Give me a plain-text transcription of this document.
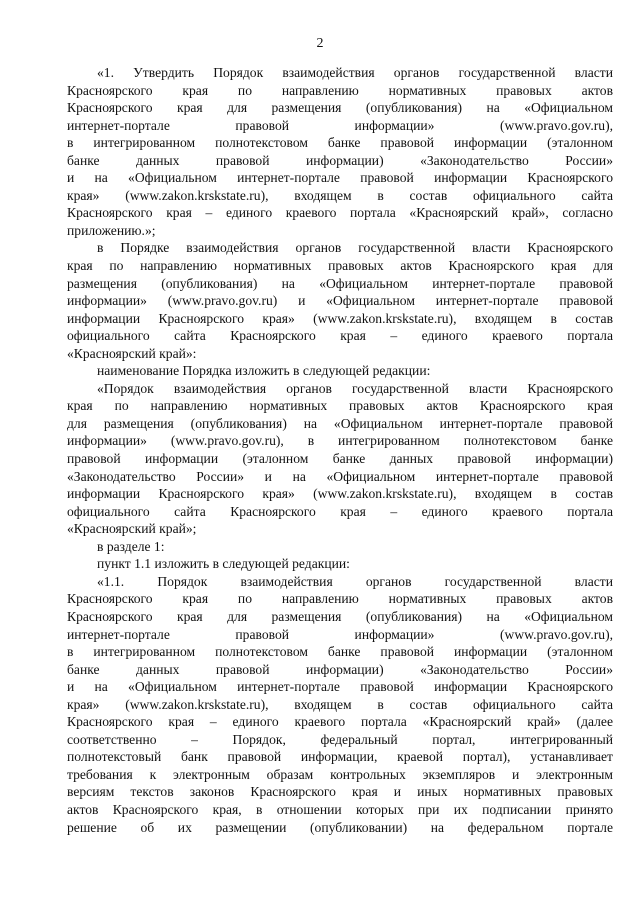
2
«1. Утвердить Порядок взаимодействия органов государственной власти
Красноярского края по направлению нормативных правовых актов
Красноярского края для размещения (опубликования) на «Официальном
интернет-портале правовой информации» (www.pravo.gov.ru),
в интегрированном полнотекстовом банке правовой информации (эталонном
банке данных правовой информации) «Законодательство России»
и на «Официальном интернет-портале правовой информации Красноярского
края» (www.zakon.krskstate.ru), входящем в состав официального сайта
Красноярского края – единого краевого портала «Красноярский край», согласно
приложению.»;
в Порядке взаимодействия органов государственной власти Красноярского
края по направлению нормативных правовых актов Красноярского края для
размещения (опубликования) на «Официальном интернет-портале правовой
информации» (www.pravo.gov.ru) и «Официальном интернет-портале правовой
информации Красноярского края» (www.zakon.krskstate.ru), входящем в состав
официального сайта Красноярского края – единого краевого портала
«Красноярский край»:
наименование Порядка изложить в следующей редакции:
«Порядок взаимодействия органов государственной власти Красноярского
края по направлению нормативных правовых актов Красноярского края
для размещения (опубликования) на «Официальном интернет-портале правовой
информации» (www.pravo.gov.ru), в интегрированном полнотекстовом банке
правовой информации (эталонном банке данных правовой информации)
«Законодательство России» и на «Официальном интернет-портале правовой
информации Красноярского края» (www.zakon.krskstate.ru), входящем в состав
официального сайта Красноярского края – единого краевого портала
«Красноярский край»;
в разделе 1:
пункт 1.1 изложить в следующей редакции:
«1.1. Порядок взаимодействия органов государственной власти
Красноярского края по направлению нормативных правовых актов
Красноярского края для размещения (опубликования) на «Официальном
интернет-портале правовой информации» (www.pravo.gov.ru),
в интегрированном полнотекстовом банке правовой информации (эталонном
банке данных правовой информации) «Законодательство России»
и на «Официальном интернет-портале правовой информации Красноярского
края» (www.zakon.krskstate.ru), входящем в состав официального сайта
Красноярского края – единого краевого портала «Красноярский край» (далее
соответственно – Порядок, федеральный портал, интегрированный
полнотекстовый банк правовой информации, краевой портал), устанавливает
требования к электронным образам контрольных экземпляров и электронным
версиям текстов законов Красноярского края и иных нормативных правовых
актов Красноярского края, в отношении которых при их подписании принято
решение об их размещении (опубликовании) на федеральном портале
